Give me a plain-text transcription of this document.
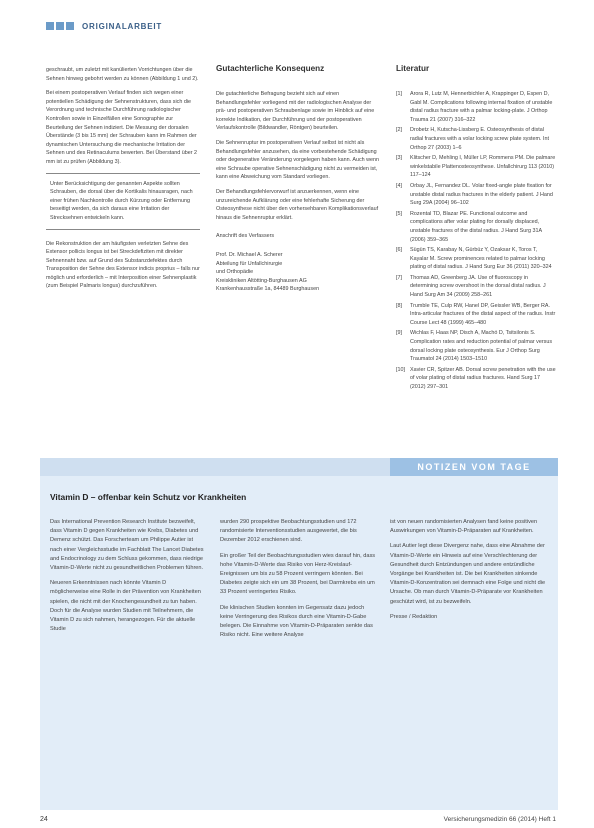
ORIGINALARBEIT

geschraubt, um zuletzt mit kanülierten Vorrichtungen über die Sehnen hinweg gebohrt werden zu können (Abbildung 1 und 2).

Bei einem postoperativen Verlauf finden sich wegen einer potentiellen Schädigung der Sehnenstrukturen, dass sich die Verordnung und technische Durchführung radiologischer Kontrollen sowie in Einzelfällen eine Sonographie zur Beurteilung der Sehnen indiziert. Die Messung der dorsalen Überstände (3 bis 15 mm) der Schrauben kann im Rahmen der dynamischen Untersuchung die mechanische Irritation der Sehnen und des Retinaculums bewerten. Bei Überstand über 2 mm ist zu prüfen (Abbildung 3).

Unter Berücksichtigung der genannten Aspekte sollten Schrauben, die dorsal über die Kortikalis hinausragen, nach einer frühen Nachkontrolle durch Kürzung oder Entfernung beseitigt werden, da sich daraus eine Irritation der Strecksehnen entwickeln kann.

Die Rekonstruktion der am häufigsten verletzten Sehne des Extensor pollicis longus ist bei Streckdefiziten mit direkter Sehnennaht bzw. auf Grund des Substanzdefektes durch Transposition der Sehne des Extensor indicis proprius – falls nur möglich und erforderlich – mit Interposition einer Sehnenplastik (zum Beispiel Palmaris longus) durchzuführen.

Gutachterliche Konsequenz

Die gutachterliche Befragung bezieht sich auf einen Behandlungsfehler vorliegend mit der radiologischen Analyse der prä- und postoperativen Schraubenlage sowie im Hinblick auf eine korrekte Indikation, der Durchführung und der postoperativen Verlaufskontrolle (Bildwandler, Röntgen) beurteilen.

Die Sehnenruptur im postoperativen Verlauf selbst ist nicht als Behandlungsfehler anzusehen, da eine vorbestehende Schädigung oder degenerative Veränderung vorgelegen haben kann. Auch wenn eine Schraube operative Sehnenschädigung nicht zu vermeiden ist, kann eine Abweichung vom Standard vorliegen.

Der Behandlungsfehlervorwurf ist anzuerkennen, wenn eine unzureichende Aufklärung oder eine fehlerhafte Sicherung der Osteosynthese nicht über den vorhersehbaren Komplikationsverlauf hinaus die Sehnenruptur erklärt.

Anschrift des Verfassers

Prof. Dr. Michael A. Scherer
Abteilung für Unfallchirurgie
und Orthopädie
Kreiskliniken Altötting-Burghausen AG
Krankenhausstraße 1a, 84489 Burghausen
Literatur
[1]	Arora R, Lutz M, Hennerbichler A, Krappinger D, Espen D, Gabl M. Complications following internal fixation of unstable distal radius fracture with a palmar locking-plate. J Orthop Trauma 21 (2007) 316–322
[2]	Drobetz H, Kutscha-Lissberg E. Osteosynthesis of distal radial fractures with a volar locking screw plate system. Int Orthop 27 (2003) 1–6
[3]	Klitscher D, Mehling I, Müller LP, Rommens PM. Die palmare winkelstabile Plattenosteosynthese. Unfallchirurg 113 (2010) 117–124
[4]	Orbay JL, Fernandez DL. Volar fixed-angle plate fixation for unstable distal radius fractures in the elderly patient. J Hand Surg 29A (2004) 96–102
[5]	Rozental TD, Blazar PE. Functional outcome and complications after volar plating for dorsally displaced, unstable fractures of the distal radius. J Hand Surg 31A (2006) 359–365
[6]	Sügün TS, Karabay N, Gürbüz Y, Ozaksar K, Toros T, Kayalar M. Screw prominences related to palmar locking plating of distal radius. J Hand Surg Eur 36 (2011) 320–324
[7]	Thomas AD, Greenberg JA. Use of fluoroscopy in determining screw overshoot in the dorsal distal radius. J Hand Surg Am 34 (2009) 258–261
[8]	Trumble TE, Culp RW, Hanel DP, Geissler WB, Berger RA. Intra-articular fractures of the distal aspect of the radius. Instr Course Lect 48 (1999) 465–480
[9]	Wichlas F, Haas NP, Disch A, Machó D, Tsitsilonis S. Complication rates and reduction potential of palmar versus dorsal locking plate osteosynthesis. Eur J Orthop Surg Traumatol 24 (2014) 1503–1510
[10] Xavier CR, Spitzer AB. Dorsal screw penetration with the use of volar plating of distal radius fractures. Hand Surg 17 (2012) 297–301
NOTIZEN VOM TAGE
Vitamin D – offenbar kein Schutz vor Krankheiten

Das International Prevention Research Institute bezweifelt, dass Vitamin D gegen Krankheiten wie Krebs, Diabetes und Demenz schützt. Das Forscherteam um Philippe Autier ist nach einer Vergleichsstudie im Fachblatt The Lancet Diabetes and Endocrinology zu dem Schluss gekommen, dass niedrige Vitamin-D-Werte nicht zu gesundheitlichen Problemen führen.

Neueren Erkenntnissen nach könnte Vitamin D möglicherweise eine Rolle in der Prävention von Krankheiten spielen, die nicht mit der Knochengesundheit zu tun haben. Doch für die Analyse wurden Studien mit Teilnehmern, die Vitamin D zu sich nahmen, herangezogen. Für die aktuelle Studie

wurden 290 prospektive Beobachtungsstudien und 172 randomisierte Interventionsstudien ausgewertet, die bis Dezember 2012 erschienen sind.

Ein großer Teil der Beobachtungsstudien wies darauf hin, dass hohe Vitamin-D-Werte das Risiko von Herz-Kreislauf-Ereignissen um bis zu 58 Prozent verringern könnten. Bei Diabetes zeigte sich ein um 38 Prozent, bei Darmkrebs ein um 33 Prozent verringertes Risiko.

Die klinischen Studien konnten im Gegensatz dazu jedoch keine Verringerung des Risikos durch eine Vitamin-D-Gabe belegen. Die Einnahme von Vitamin-D-Präparaten senkte das Risiko nicht. Eine weitere Analyse

ist von neuen randomisierten Analysen fand keine positiven Auswirkungen von Vitamin-D-Präparaten auf Krankheiten.

Laut Autier legt diese Divergenz nahe, dass eine Abnahme der Vitamin-D-Werte ein Hinweis auf eine Verschlechterung der Gesundheit durch Entzündungen und andere entzündliche Vorgänge bei Krankheiten ist. Die bei Krankheiten sinkende Vitamin-D-Konzentration sei demnach eine Folge und nicht die Ursache. Ob man durch Vitamin-D-Präparate vor Krankheiten geschützt wird, ist zu bezweifeln.

Presse / Redaktion

24	Versicherungsmedizin 66 (2014) Heft 1
